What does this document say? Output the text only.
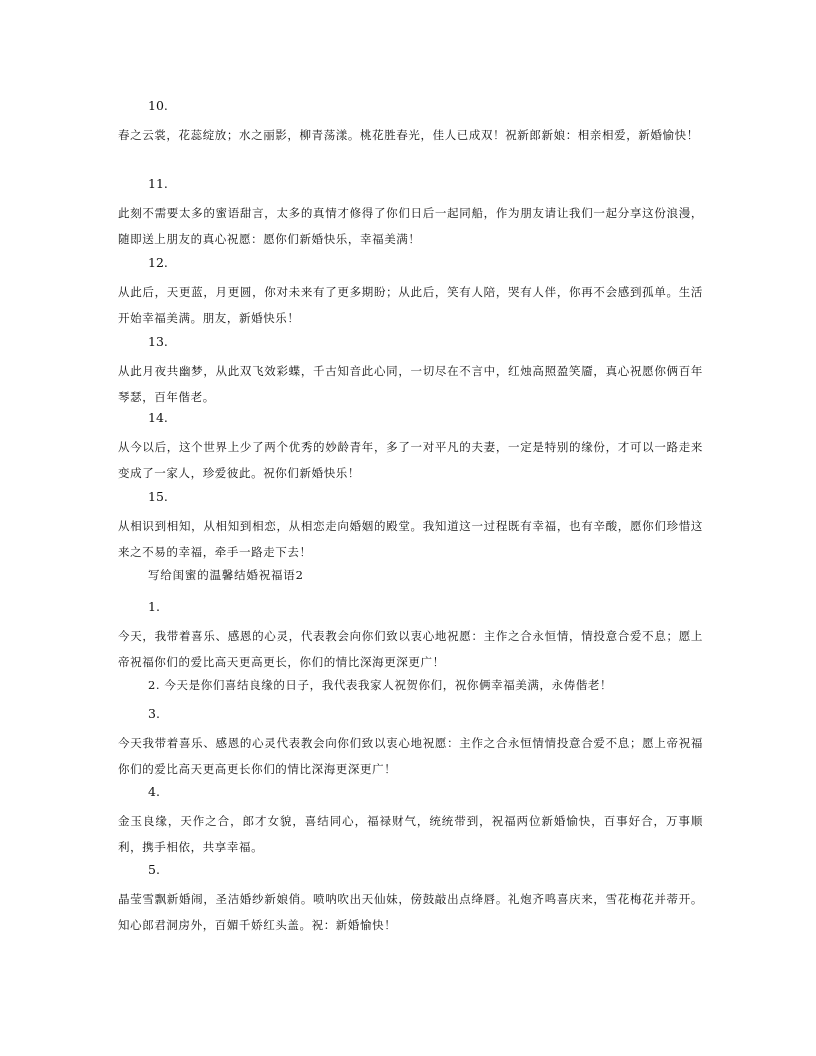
10.

春之云裳，花蕊绽放；水之丽影，柳青荡漾。桃花胜春光，佳人已成双！祝新郎新娘：相亲相爱，新婚愉快！

11.

此刻不需要太多的蜜语甜言，太多的真情才修得了你们日后一起同船，作为朋友请让我们一起分享这份浪漫，随即送上朋友的真心祝愿：愿你们新婚快乐，幸福美满！

12.

从此后，天更蓝，月更圆，你对未来有了更多期盼；从此后，笑有人陪，哭有人伴，你再不会感到孤单。生活开始幸福美满。朋友，新婚快乐！

13.

从此月夜共幽梦，从此双飞效彩蝶，千古知音此心同，一切尽在不言中，红烛高照盈笑靥，真心祝愿你俩百年琴瑟，百年偕老。

14.

从今以后，这个世界上少了两个优秀的妙龄青年，多了一对平凡的夫妻，一定是特别的缘份，才可以一路走来变成了一家人，珍爱彼此。祝你们新婚快乐！

15.

从相识到相知，从相知到相恋，从相恋走向婚姻的殿堂。我知道这一过程既有幸福，也有辛酸，愿你们珍惜这来之不易的幸福，牵手一路走下去！

写给闺蜜的温馨结婚祝福语2
1.

今天，我带着喜乐、感恩的心灵，代表教会向你们致以衷心地祝愿：主作之合永恒情，情投意合爱不息；愿上帝祝福你们的爱比高天更高更长，你们的情比深海更深更广！

2. 今天是你们喜结良缘的日子，我代表我家人祝贺你们，祝你俩幸福美满，永俦偕老！
3.

今天我带着喜乐、感恩的心灵代表教会向你们致以衷心地祝愿：主作之合永恒情情投意合爱不息；愿上帝祝福你们的爱比高天更高更长你们的情比深海更深更广！

4.

金玉良缘，天作之合，郎才女貌，喜结同心，福禄财气，统统带到，祝福两位新婚愉快，百事好合，万事顺利，携手相依，共享幸福。

5.

晶莹雪飘新婚闹，圣洁婚纱新娘俏。喷呐吹出天仙妹，傍鼓敲出点绛唇。礼炮齐鸣喜庆来，雪花梅花并蒂开。知心郎君洞房外，百媚千娇红头盖。祝：新婚愉快！
